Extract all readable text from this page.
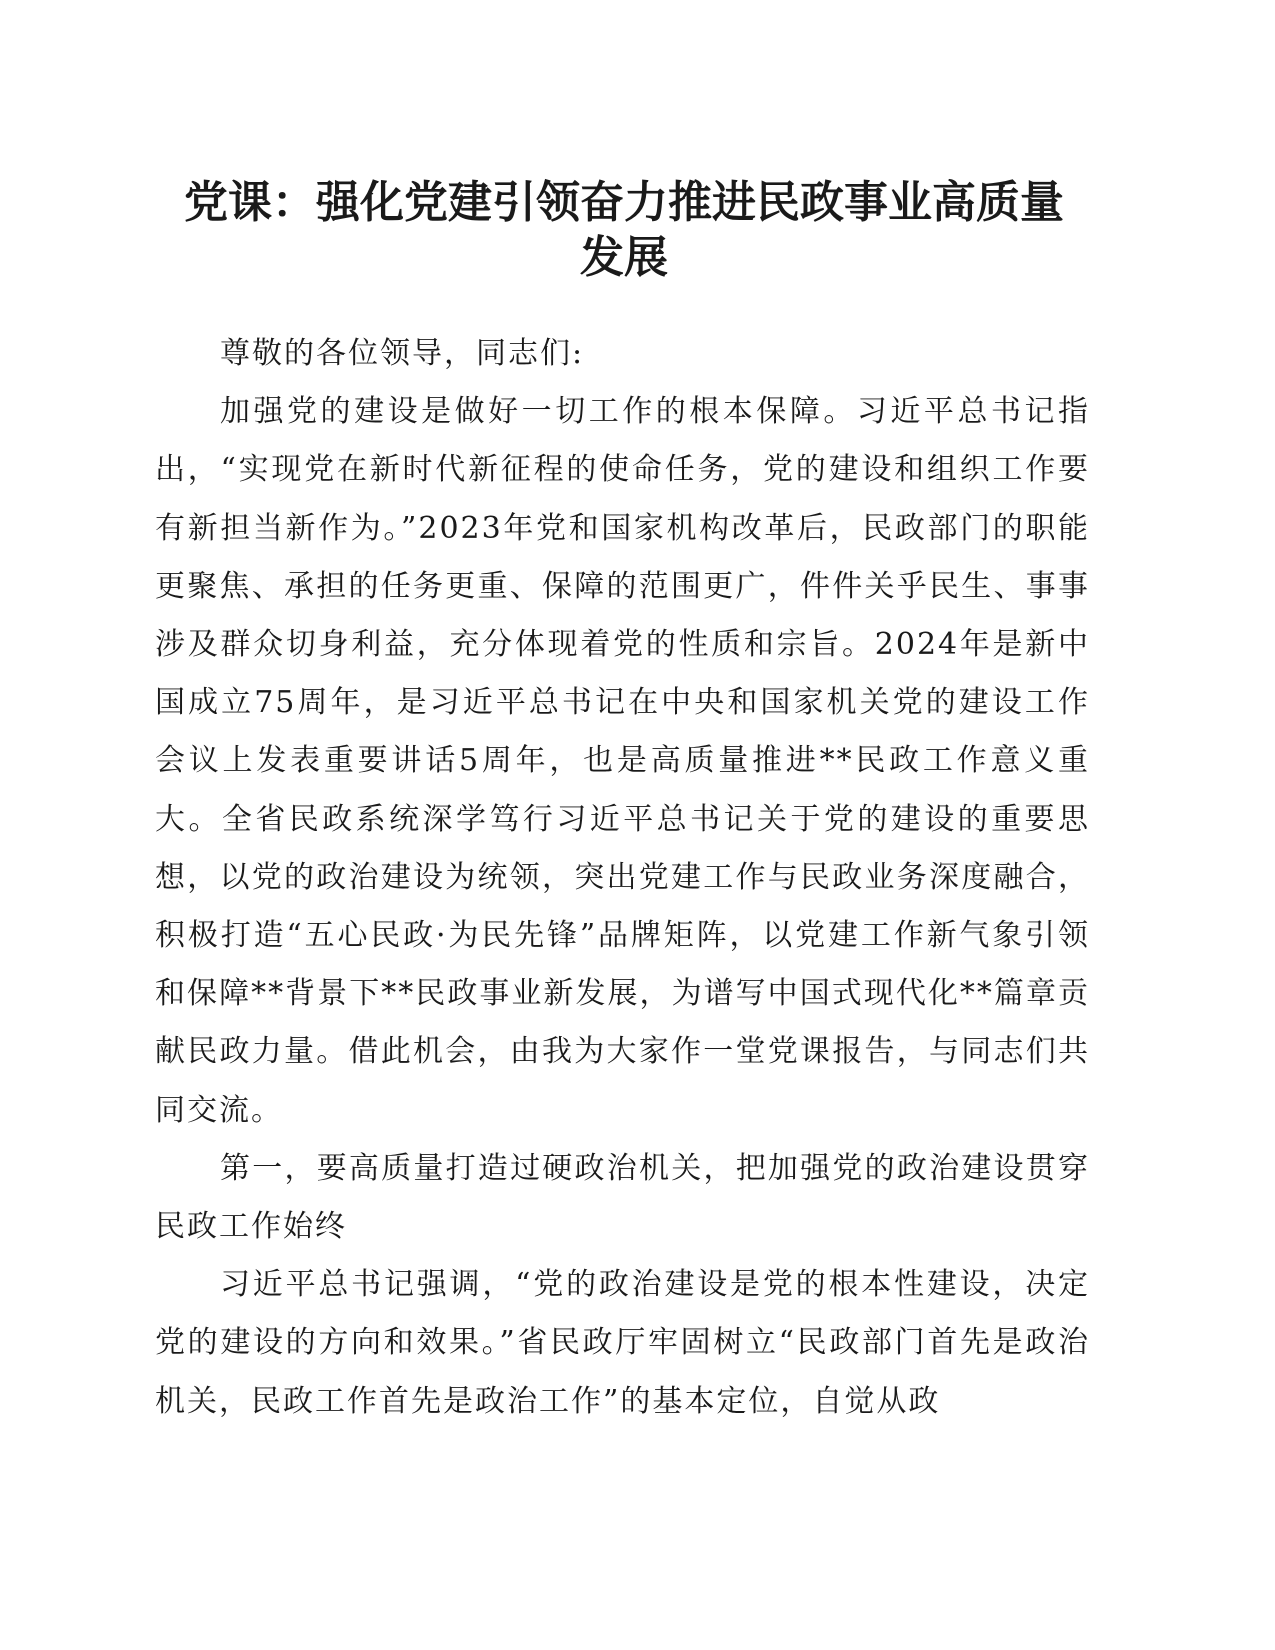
党课：强化党建引领奋力推进民政事业高质量
发展

尊敬的各位领导，同志们:

加强党的建设是做好一切工作的根本保障。习近平总书记指出，“实现党在新时代新征程的使命任务，党的建设和组织工作要有新担当新作为。”2023年党和国家机构改革后，民政部门的职能更聚焦、承担的任务更重、保障的范围更广，件件关乎民生、事事涉及群众切身利益，充分体现着党的性质和宗旨。2024年是新中国成立75周年，是习近平总书记在中央和国家机关党的建设工作会议上发表重要讲话5周年，也是高质量推进**民政工作意义重大。全省民政系统深学笃行习近平总书记关于党的建设的重要思想，以党的政治建设为统领，突出党建工作与民政业务深度融合，积极打造“五心民政·为民先锋”品牌矩阵，以党建工作新气象引领和保障**背景下**民政事业新发展，为谱写中国式现代化**篇章贡献民政力量。借此机会，由我为大家作一堂党课报告，与同志们共同交流。

第一，要高质量打造过硬政治机关，把加强党的政治建设贯穿民政工作始终

习近平总书记强调，“党的政治建设是党的根本性建设，决定党的建设的方向和效果。”省民政厅牢固树立“民政部门首先是政治机关，民政工作首先是政治工作”的基本定位，自觉从政
